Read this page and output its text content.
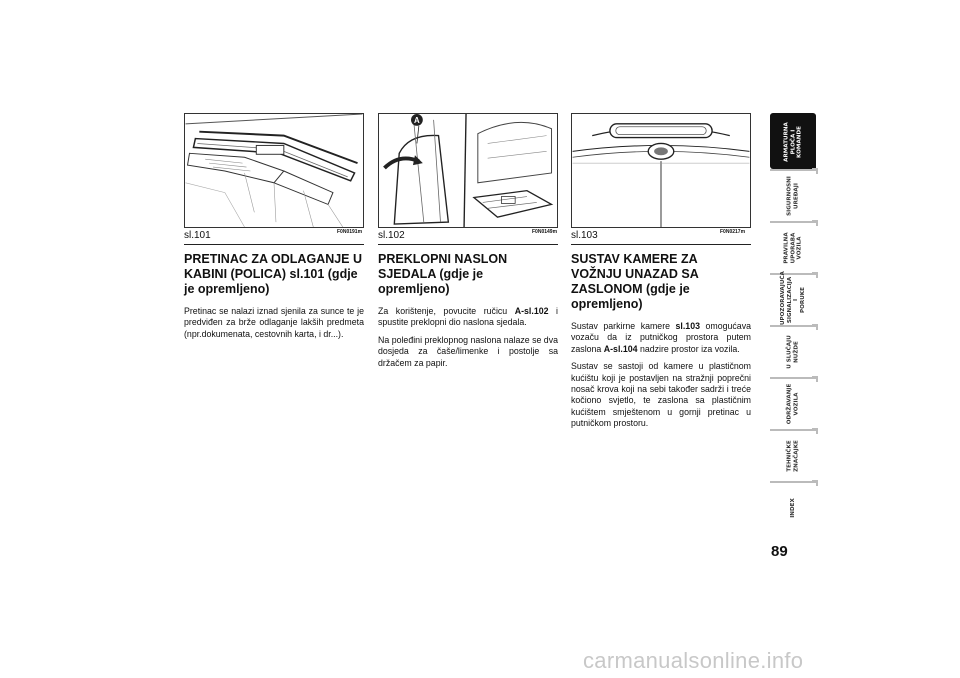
F0N0191m
sl.101
A
F0N0149m
sl.102	F0N0217m
sl.103
PRETINAC ZA ODLAGANJE U KABINI (POLICA) sl.101 (gdje je opremljeno)

Pretinac se nalazi iznad sjenila za sunce te je predviđen za brže odlaganje lakših predmeta (npr.dokumenata, cestovnih karta, i dr...).

PREKLOPNI NASLON SJEDALA (gdje je opremljeno)

Za korištenje, povucite ručicu A-sl.102 i spustite preklopni dio naslona sjedala.

Na poleđini preklopnog naslona nalaze se dva dosjeda za čaše/limenke i postolje sa držačem za papir.

SUSTAV KAMERE ZA VOŽNJU UNAZAD SA ZASLONOM (gdje je opremljeno)

Sustav parkirne kamere sl.103 omogućava vozaču da iz putničkog prostora putem zaslona A-sl.104 nadzire prostor iza vozila.

Sustav se sastoji od kamere u plastičnom kućištu koji je postavljen na stražnji poprečni nosač krova koji na sebi također sadrži i treće kočiono svjetlo, te zaslona sa plastičnim kućištem smještenom u gornji pretinac u putničkom prostoru.

ARMATURNA
PLOČA I
KOMANDE
SIGURNOSNI
UREĐAJI
PRAVILNA
UPORABA
VOZILA
UPOZORAVAJUĆA
SIGNALIZACIJA I
PORUKE
U SLUČAJU
NUŽDE
ODRŽAVANJE
VOZILA
TEHNIČKE
ZNAČAJKE
INDEX
89
carmanualsonline.info
